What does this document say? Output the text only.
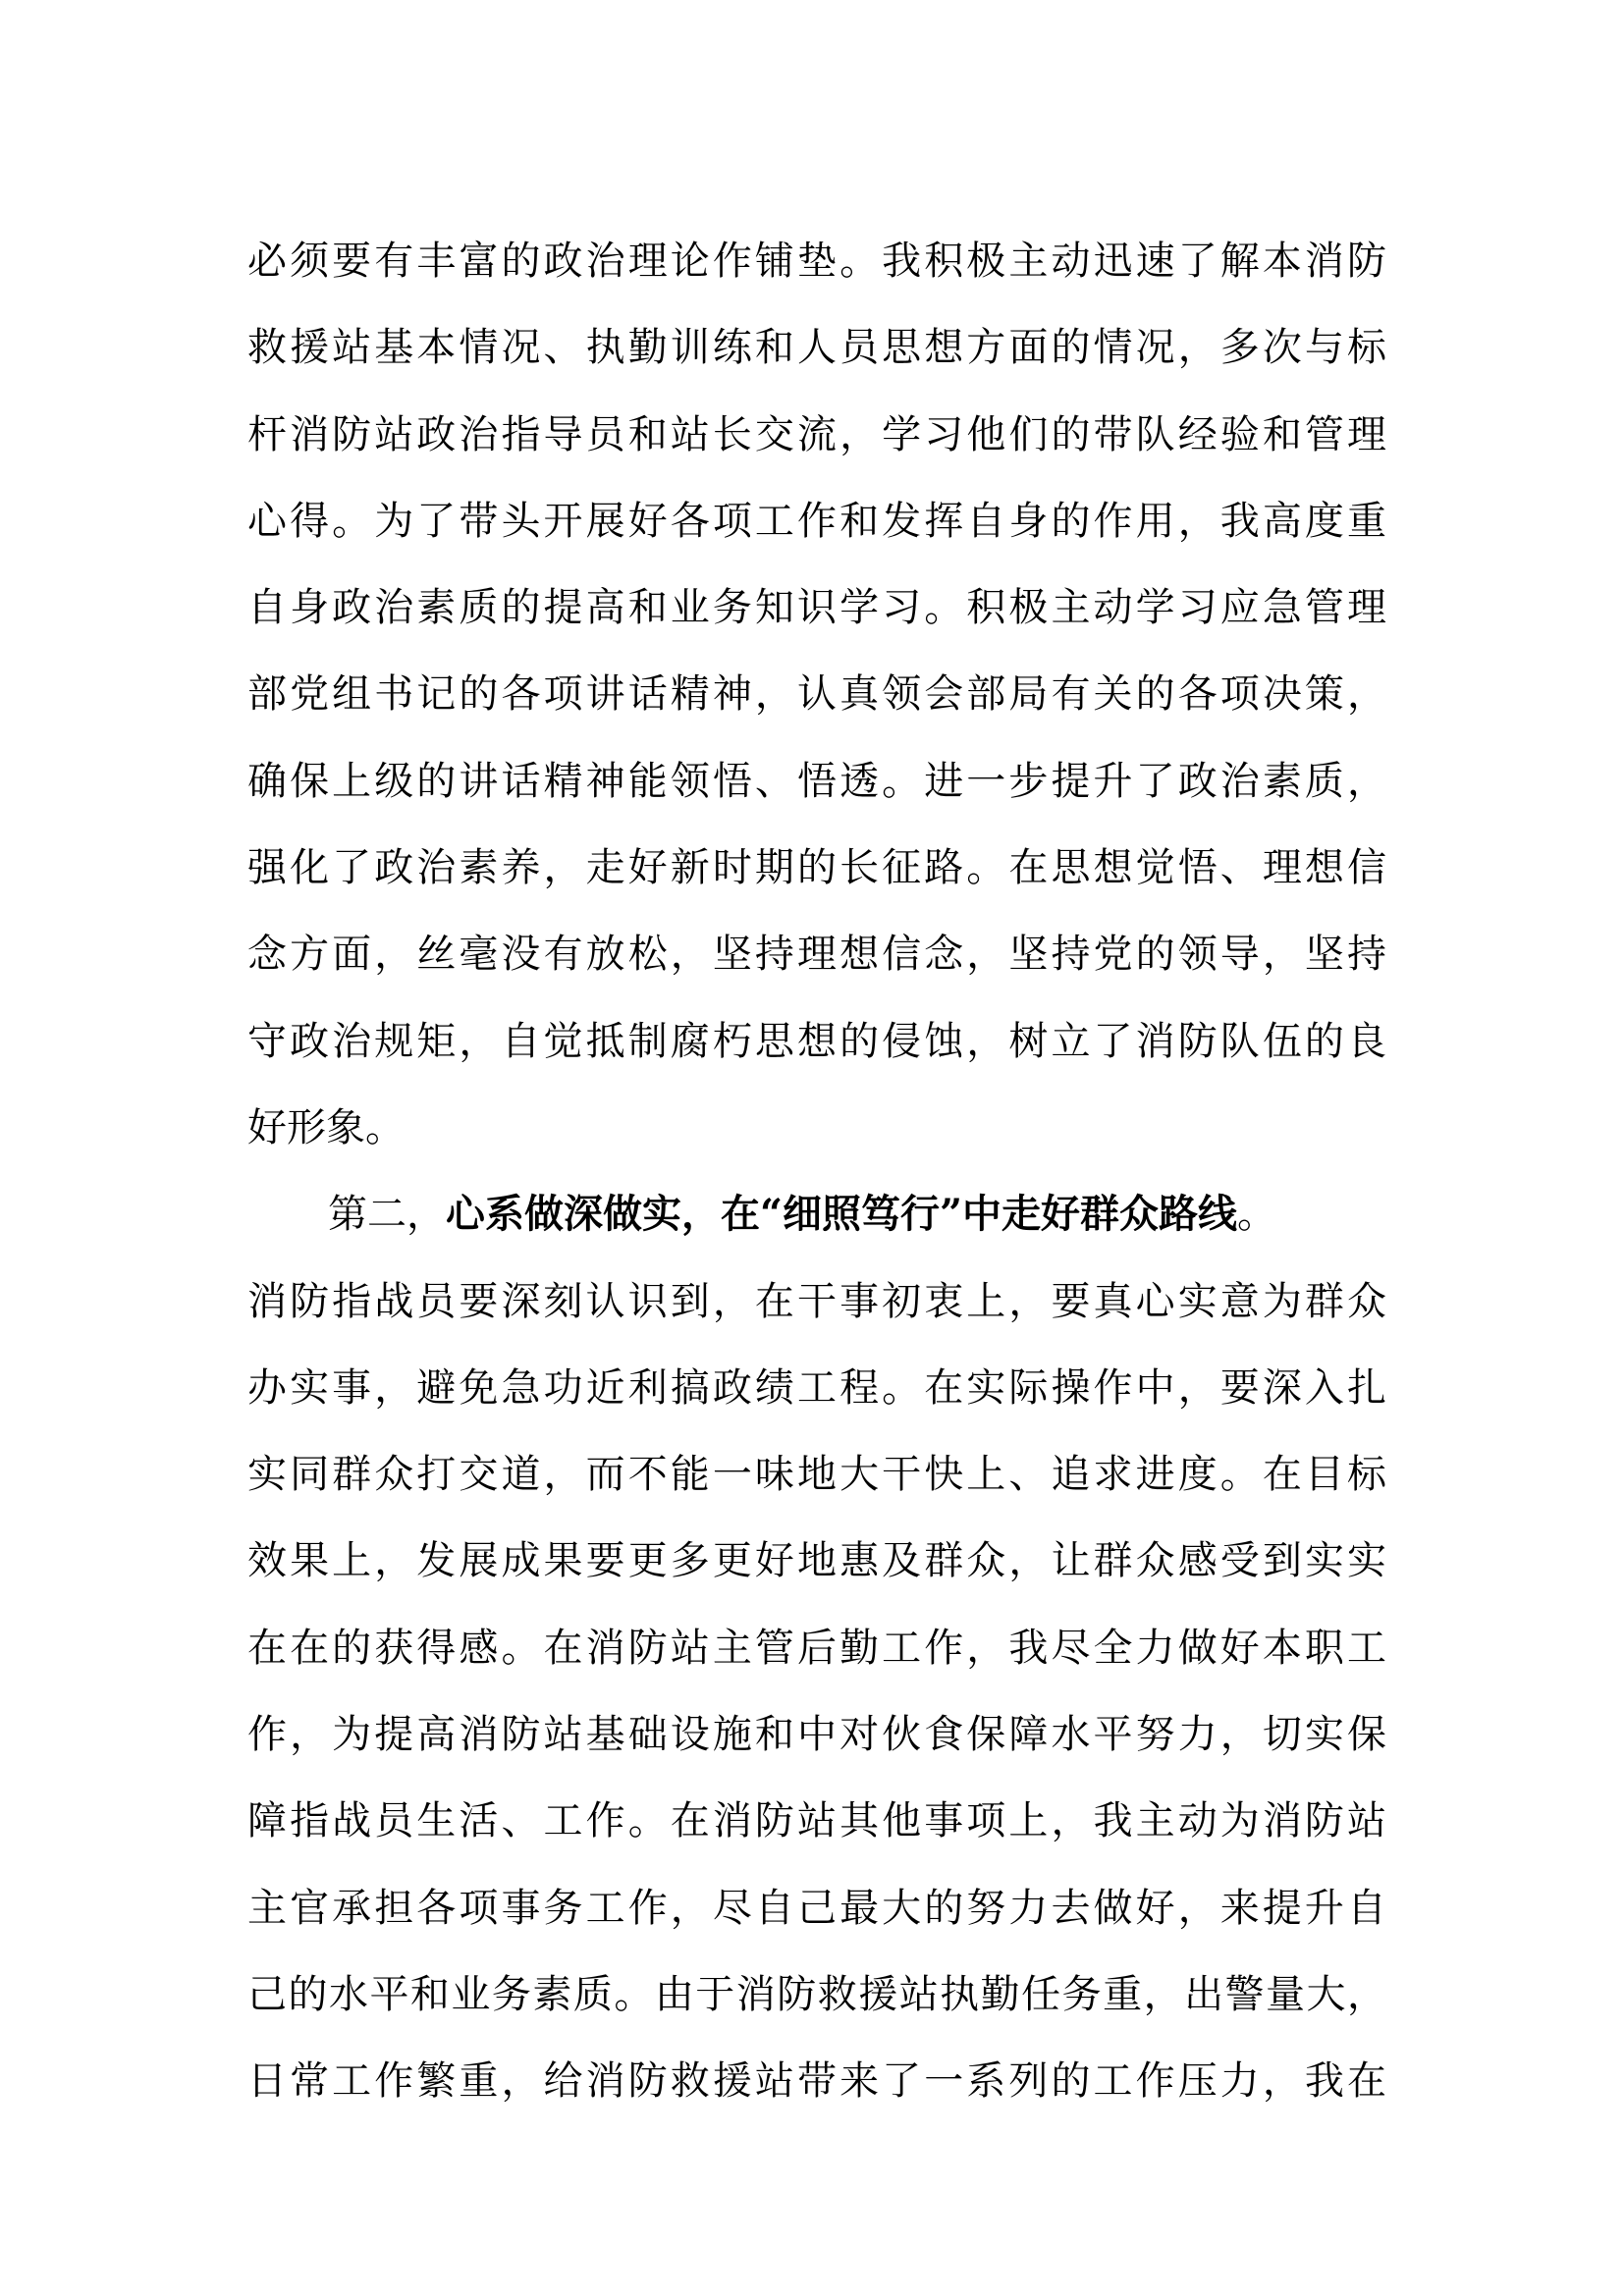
必须要有丰富的政治理论作铺垫。我积极主动迅速了解本消防
救援站基本情况、执勤训练和人员思想方面的情况，多次与标
杆消防站政治指导员和站长交流，学习他们的带队经验和管理
心得。为了带头开展好各项工作和发挥自身的作用，我高度重
自身政治素质的提高和业务知识学习。积极主动学习应急管理
部党组书记的各项讲话精神，认真领会部局有关的各项决策，
确保上级的讲话精神能领悟、悟透。进一步提升了政治素质，
强化了政治素养，走好新时期的长征路。在思想觉悟、理想信
念方面，丝毫没有放松，坚持理想信念，坚持党的领导，坚持
守政治规矩，自觉抵制腐朽思想的侵蚀，树立了消防队伍的良
好形象。
第二，心系做深做实，在“细照笃行”中走好群众路线。
消防指战员要深刻认识到，在干事初衷上，要真心实意为群众
办实事，避免急功近利搞政绩工程。在实际操作中，要深入扎
实同群众打交道，而不能一味地大干快上、追求进度。在目标
效果上，发展成果要更多更好地惠及群众，让群众感受到实实
在在的获得感。在消防站主管后勤工作，我尽全力做好本职工
作，为提高消防站基础设施和中对伙食保障水平努力，切实保
障指战员生活、工作。在消防站其他事项上，我主动为消防站
主官承担各项事务工作，尽自己最大的努力去做好，来提升自
己的水平和业务素质。由于消防救援站执勤任务重，出警量大，
日常工作繁重，给消防救援站带来了一系列的工作压力，我在
